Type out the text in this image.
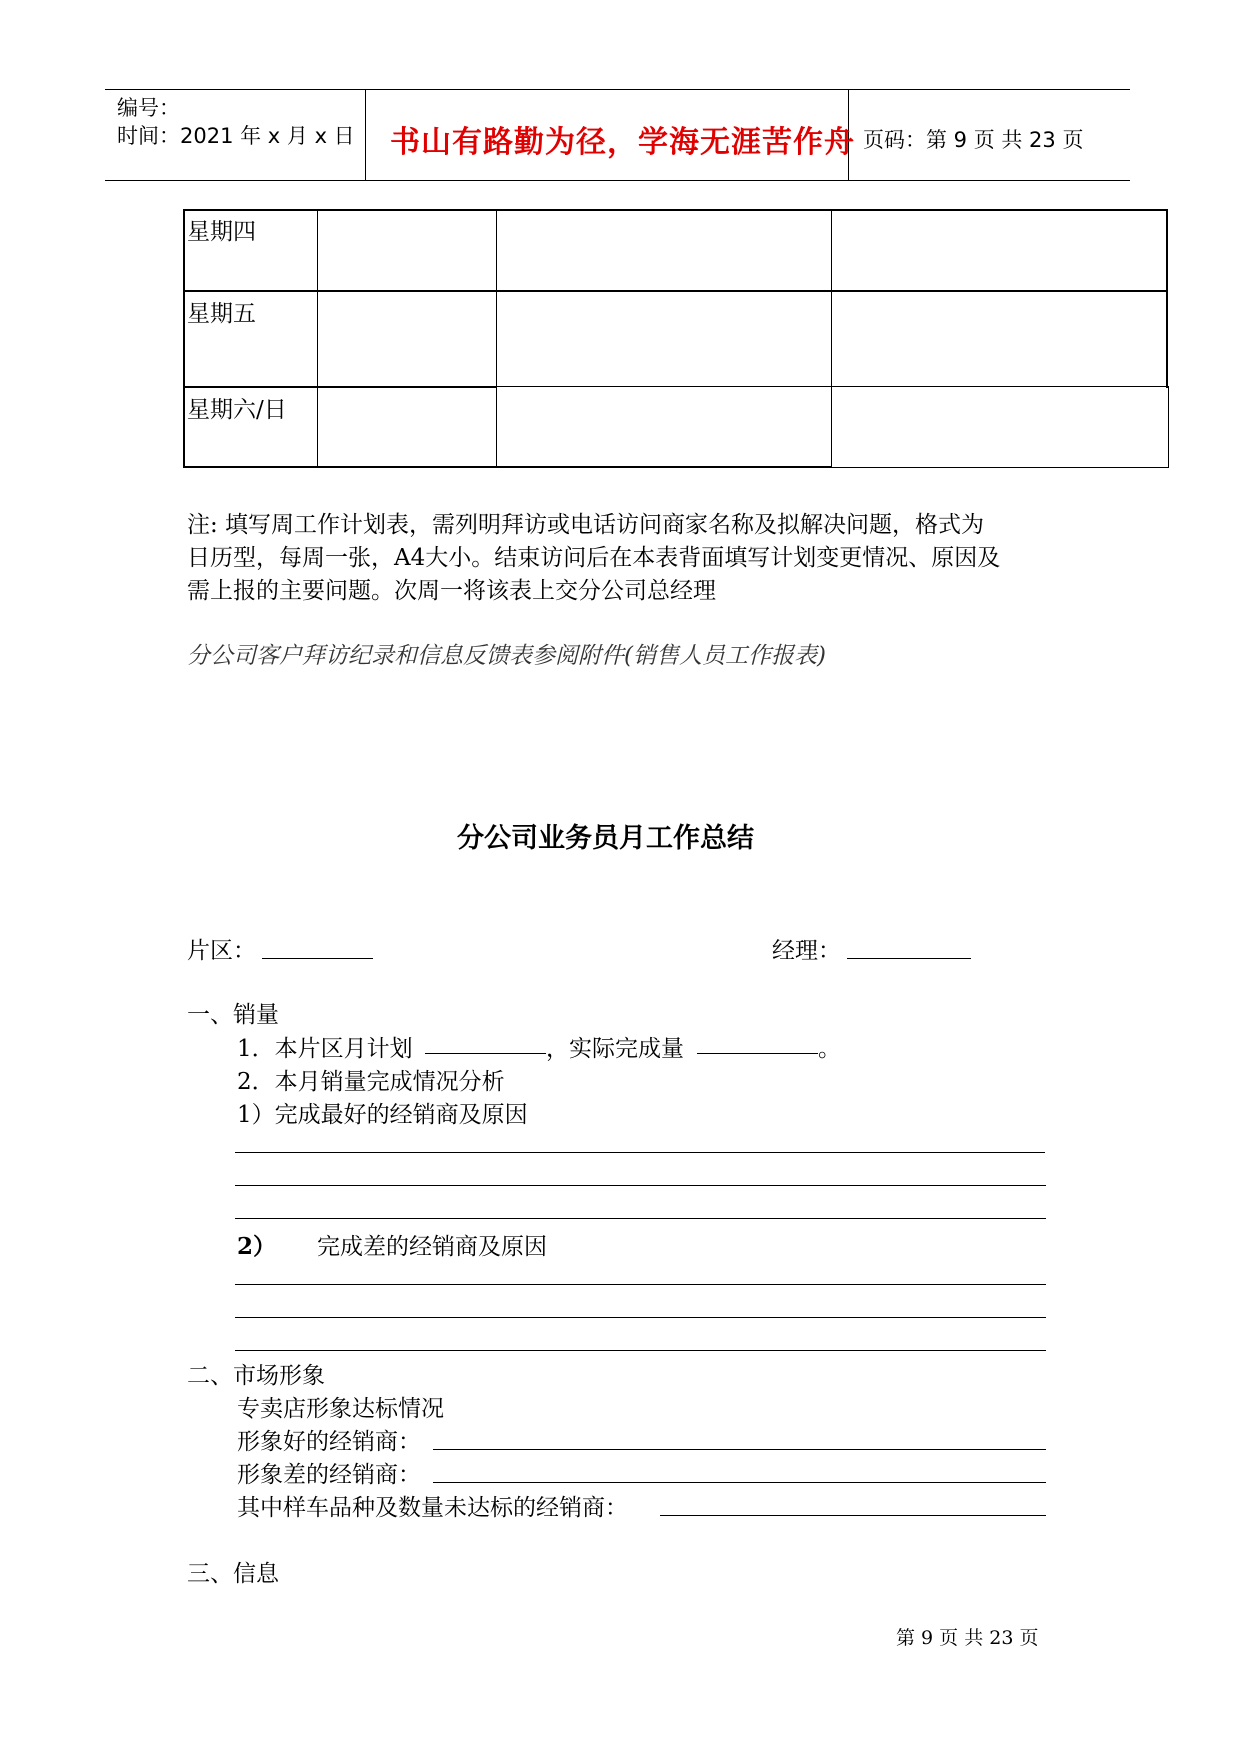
编号：
时间：2021 年 x 月 x 日 书山有路勤为径，学海无涯苦作舟 页码：第 9 页 共 23 页
星期四
星期五
星期六/日
注: 填写周工作计划表，需列明拜访或电话访问商家名称及拟解决问题，格式为
日历型，每周一张，A4大小。结束访问后在本表背面填写计划变更情况、原因及
需上报的主要问题。次周一将该表上交分公司总经理
分公司客户拜访纪录和信息反馈表参阅附件(销售人员工作报表)
分公司业务员月工作总结
片区：	经理：
一、销量
1．本片区月计划	，实际完成量	。
2．本月销量完成情况分析
1）完成最好的经销商及原因
2） 完成差的经销商及原因
二、市场形象
专卖店形象达标情况
形象好的经销商：
形象差的经销商：
其中样车品种及数量未达标的经销商：
三、信息
第 9 页 共 23 页
